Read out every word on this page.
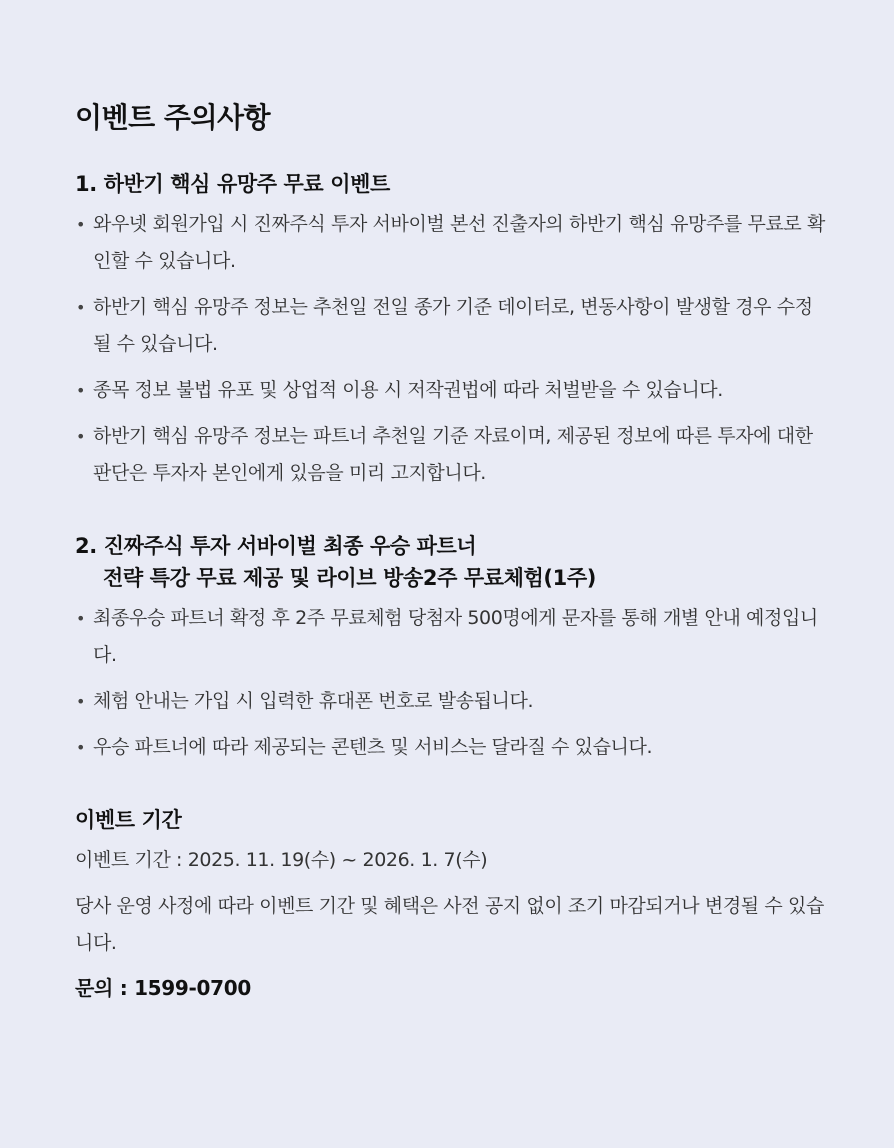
이벤트 주의사항
1. 하반기 핵심 유망주 무료 이벤트
• 와우넷 회원가입 시 진짜주식 투자 서바이벌 본선 진출자의 하반기 핵심 유망주를 무료로 확인할 수 있습니다.
• 하반기 핵심 유망주 정보는 추천일 전일 종가 기준 데이터로, 변동사항이 발생할 경우 수정될 수 있습니다.
• 종목 정보 불법 유포 및 상업적 이용 시 저작권법에 따라 처벌받을 수 있습니다.
• 하반기 핵심 유망주 정보는 파트너 추천일 기준 자료이며, 제공된 정보에 따른 투자에 대한 판단은 투자자 본인에게 있음을 미리 고지합니다.
2. 진짜주식 투자 서바이벌 최종 우승 파트너
전략 특강 무료 제공 및 라이브 방송2주 무료체험(1주)
• 최종우승 파트너 확정 후 2주 무료체험 당첨자 500명에게 문자를 통해 개별 안내 예정입니다.
• 체험 안내는 가입 시 입력한 휴대폰 번호로 발송됩니다.
• 우승 파트너에 따라 제공되는 콘텐츠 및 서비스는 달라질 수 있습니다.
이벤트 기간

이벤트 기간 : 2025. 11. 19(수) ~ 2026. 1. 7(수)

당사 운영 사정에 따라 이벤트 기간 및 혜택은 사전 공지 없이 조기 마감되거나 변경될 수 있습니다.

문의 : 1599-0700
